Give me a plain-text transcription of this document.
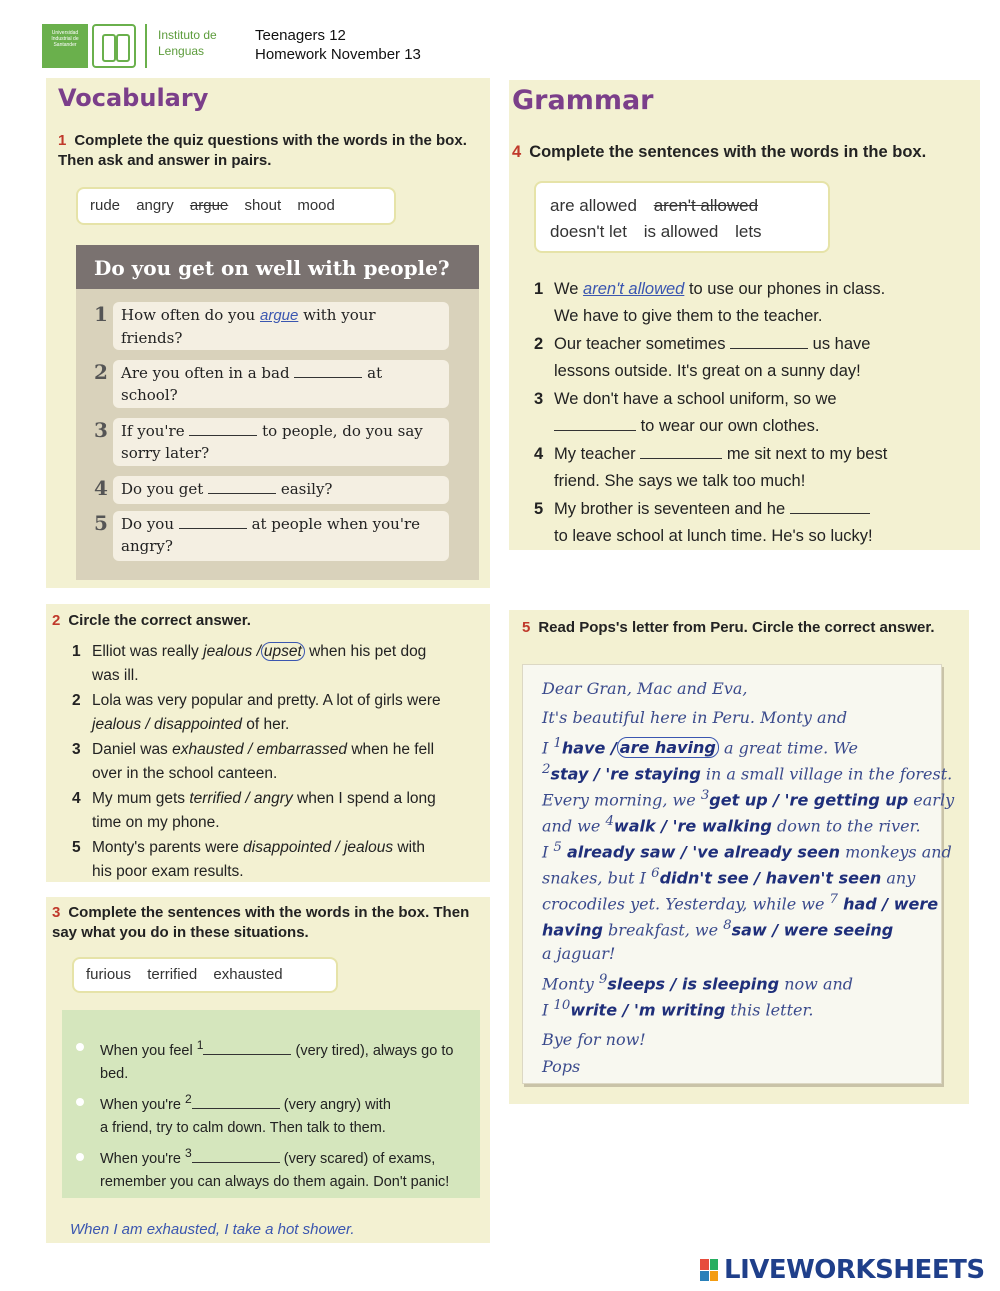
Universidad Industrial de Santander
Instituto de
Lenguas
Teenagers 12
Homework November 13
Vocabulary
1 Complete the quiz questions with the words in the box. Then ask and answer in pairs.
rude angry argue shout mood
Do you get on well with people?
1 How often do you argue with your friends?
2 Are you often in a bad	at school?
3 If you're	to people, do you say sorry later?
4 Do you get	easily?
5 Do you	at people when you're angry?
Grammar
4 Complete the sentences with the words in the box.
are allowed aren't allowed
doesn't let is allowed lets
1 We aren't allowed to use our phones in class.
We have to give them to the teacher.
2 Our teacher sometimes	us have
lessons outside. It's great on a sunny day!
3 We don't have a school uniform, so we
to wear our own clothes.
4 My teacher	me sit next to my best
friend. She says we talk too much!
5 My brother is seventeen and he
to leave school at lunch time. He's so lucky!
2 Circle the correct answer.
1 Elliot was really jealous / upset when his pet dog
was ill.
2 Lola was very popular and pretty. A lot of girls were
jealous / disappointed of her.
3 Daniel was exhausted / embarrassed when he fell
over in the school canteen.
4 My mum gets terrified / angry when I spend a long
time on my phone.
5 Monty's parents were disappointed / jealous with
his poor exam results.
3 Complete the sentences with the words in the box. Then say what you do in these situations.
furious terrified exhausted
When you feel $^1$	(very tired), always go to
bed.
When you're $^2$	(very angry) with
a friend, try to calm down. Then talk to them.
When you're $^3$	(very scared) of exams,
remember you can always do them again. Don't panic!
When I am exhausted, I take a hot shower.
5 Read Pops's letter from Peru. Circle the correct answer.
Dear Gran, Mac and Eva,
It's beautiful here in Peru. Monty and
I $^1$have / are having a great time. We
$^2$stay / 're staying in a small village in the forest.
Every morning, we $^3$get up / 're getting up early
and we $^4$walk / 're walking down to the river.
I $^5$ already saw / 've already seen monkeys and
snakes, but I $^6$didn't see / haven't seen any
crocodiles yet. Yesterday, while we $^7$ had / were
having breakfast, we $^8$saw / were seeing
a jaguar!
Monty $^9$sleeps / is sleeping now and
I $^{10}$write / 'm writing this letter.
Bye for now!
Pops
LIVEWORKSHEETS
